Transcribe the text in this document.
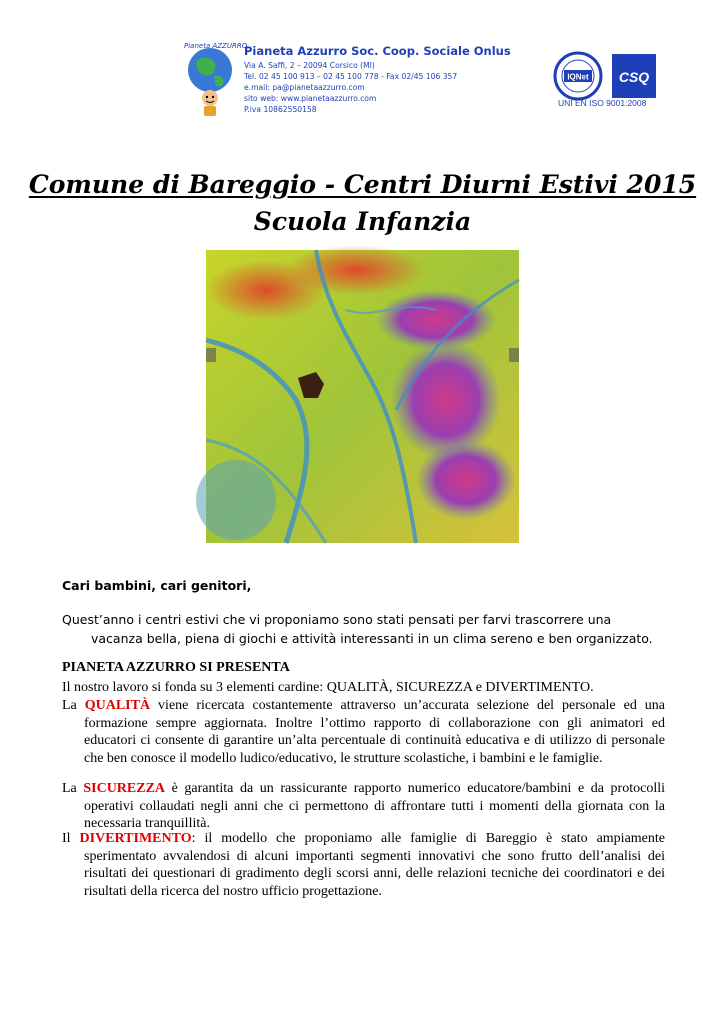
Pianeta AZZURRO
Pianeta Azzurro Soc. Coop. Sociale Onlus
Via A. Saffi, 2 – 20094 Corsico (MI)
Tel. 02 45 100 913 – 02 45 100 778 - Fax 02/45 106 357
e.mail: pa@pianetaazzurro.com
sito web: www.pianetaazzurro.com
P.iva 10862550158
IQNet CSQ
UNI EN ISO 9001:2008
Comune di Bareggio - Centri Diurni Estivi 2015
Scuola Infanzia
Cari bambini, cari genitori,
Quest’anno i centri estivi che vi proponiamo sono stati pensati per farvi trascorrere una vacanza bella, piena di giochi e attività interessanti in un clima sereno e ben organizzato.
PIANETA AZZURRO SI PRESENTA
Il nostro lavoro si fonda su 3 elementi cardine: QUALITÀ, SICUREZZA e DIVERTIMENTO.
La QUALITÀ viene ricercata costantemente attraverso un’accurata selezione del personale ed una formazione sempre aggiornata. Inoltre l’ottimo rapporto di collaborazione con gli animatori ed educatori ci consente di garantire un’alta percentuale di continuità educativa e di utilizzo di personale che ben conosce il modello ludico/educativo, le strutture scolastiche, i bambini e le famiglie.
La SICUREZZA è garantita da un rassicurante rapporto numerico educatore/bambini e da protocolli operativi collaudati negli anni che ci permettono di affrontare tutti i momenti della giornata con la necessaria tranquillità.
Il DIVERTIMENTO: il modello che proponiamo alle famiglie di Bareggio è stato ampiamente sperimentato avvalendosi di alcuni importanti segmenti innovativi che sono frutto dell’analisi dei risultati dei questionari di gradimento degli scorsi anni, delle relazioni tecniche dei coordinatori e dei risultati della ricerca del nostro ufficio progettazione.
